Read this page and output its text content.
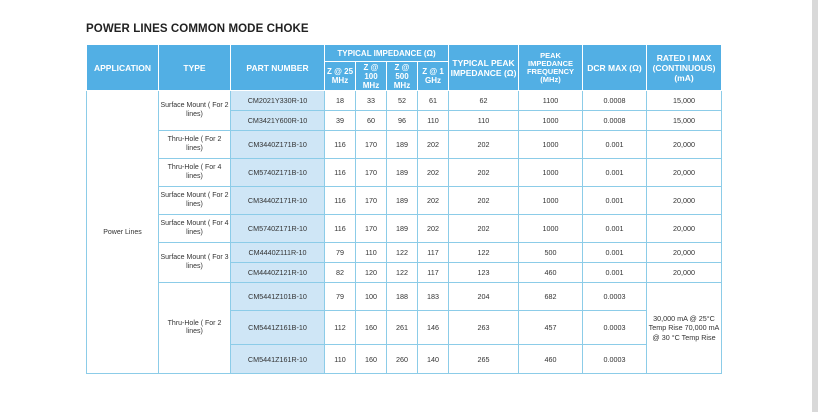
POWER LINES COMMON MODE CHOKE
APPLICATION	TYPE	PART NUMBER	TYPICAL IMPEDANCE (Ω)				TYPICAL PEAK IMPEDANCE (Ω)	PEAK IMPEDANCE FREQUENCY (MHz)	DCR MAX (Ω)	RATED I MAX (CONTINUOUS) (mA)
			Z @ 25 MHz	Z @ 100 MHz	Z @ 500 MHz	Z @ 1 GHz				
Power Lines	Surface Mount ( For 2 lines)	CM2021Y330R-10	18	33	52	61	62	1100	0.0008	15,000
		CM3421Y600R-10	39	60	96	110	110	1000	0.0008	15,000
	Thru-Hole ( For 2 lines)	CM3440Z171B-10	116	170	189	202	202	1000	0.001	20,000
	Thru-Hole ( For 4 lines)	CM5740Z171B-10	116	170	189	202	202	1000	0.001	20,000
	Surface Mount ( For 2 lines)	CM3440Z171R-10	116	170	189	202	202	1000	0.001	20,000
	Surface Mount ( For 4 lines)	CM5740Z171R-10	116	170	189	202	202	1000	0.001	20,000
	Surface Mount ( For 3 lines)	CM4440Z111R-10	79	110	122	117	122	500	0.001	20,000
		CM4440Z121R-10	82	120	122	117	123	460	0.001	20,000
	Thru-Hole ( For 2 lines)	CM5441Z101B-10	79	100	188	183	204	682	0.0003	30,000 mA @ 25°C Temp Rise 70,000 mA @ 30 °C Temp Rise
		CM5441Z161B-10	112	160	261	146	263	457	0.0003	
		CM5441Z161R-10	110	160	260	140	265	460	0.0003	
